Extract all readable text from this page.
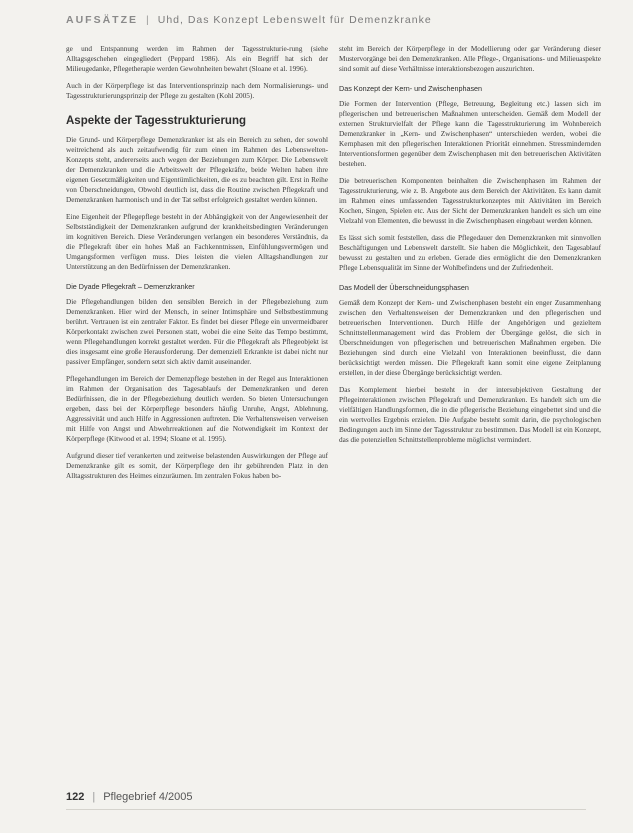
AUFSÄTZE | Uhd, Das Konzept Lebenswelt für Demenzkranke

ge und Entspannung werden im Rahmen der Tagesstrukturie-rung (siehe Alltagsgeschehen eingegliedert (Peppard 1986). Als ein Begriff hat sich der Milieugedanke, Pflegetherapie werden Gewohnheiten bewahrt (Sloane et al. 1996).

Auch in der Körperpflege ist das Interventionsprinzip nach dem Normalisierungs- und Tagesstrukturierungsprinzip der Pflege zu gestalten (Kohl 2005).

Aspekte der Tagesstrukturierung

Die Grund- und Körperpflege Demenzkranker ist als ein Bereich zu sehen, der sowohl weitreichend als auch zeitaufwendig für zum einen im Rahmen des Lebenswelten-Konzepts steht, andererseits auch wegen der Beziehungen zum Körper. Die Lebenswelt der Demenzkranken und die Arbeitswelt der Pflegekräfte, beide Welten haben ihre eigenen Gesetzmäßigkeiten und Eigentümlichkeiten, die es zu beachten gilt. Erst in Reihe von Überschneidungen, Obwohl deutlich ist, dass die Routine zwischen Pflegekraft und Demenzkranken harmonisch und in der Tat selbst erfolgreich gestaltet werden können.

Eine Eigenheit der Pflegepflege besteht in der Abhängigkeit von der Angewiesenheit der Selbstständigkeit der Demenzkranken aufgrund der krankheitsbedingten Veränderungen im kognitiven Bereich. Diese Veränderungen verlangen ein besonderes Verständnis, da die Pflegekraft über ein hohes Maß an Fachkenntnissen, Einfühlungsvermögen und Umgangsformen verfügen muss. Dies leisten die vielen Alltagshandlungen zur Unterstützung an den Bedürfnissen der Demenzkranken.

Die Dyade Pflegekraft – Demenzkranker

Die Pflegehandlungen bilden den sensiblen Bereich in der Pflegebeziehung zum Demenzkranken. Hier wird der Mensch, in seiner Intimsphäre und Selbstbestimmung berührt. Vertrauen ist ein zentraler Faktor. Es findet bei dieser Pflege ein unvermeidbarer Körperkontakt zwischen zwei Personen statt, wobei die eine Seite das Tempo bestimmt, wenn Pflegehandlungen korrekt gestaltet werden. Für die Pflegekraft als Pflegeobjekt ist dies insgesamt eine große Herausforderung. Der demenziell Erkrankte ist dabei nicht nur passiver Empfänger, sondern setzt sich aktiv damit auseinander.

Pflegehandlungen im Bereich der Demenzpflege bestehen in der Regel aus Interaktionen im Rahmen der Organisation des Tagesablaufs der Demenzkranken und deren Bedürfnissen, die in der Pflegebeziehung deutlich werden. So bieten Untersuchungen ergeben, dass bei der Körperpflege besonders häufig Unruhe, Angst, Ablehnung, Aggressivität und auch Hilfe in Aggressionen auftreten. Die Verhaltensweisen verweisen mit Hilfe von Angst und Abwehrreaktionen auf die Notwendigkeit im Kontext der Körperpflege (Kitwood et al. 1994; Sloane et al. 1995).

Aufgrund dieser tief verankerten und zeitweise belastenden Auswirkungen der Pflege auf Demenzkranke gilt es somit, der Körperpflege den ihr gebührenden Platz in den Alltagsstrukturen des Heimes einzuräumen. Im zentralen Fokus haben bo-

steht im Bereich der Körperpflege in der Modellierung oder gar Veränderung dieser Mustervorgänge bei den Demenzkranken. Alle Pflege-, Organisations- und Milieuaspekte sind somit auf diese Verhältnisse interaktionsbezogen auszurichten.

Das Konzept der Kern- und Zwischenphasen

Die Formen der Intervention (Pflege, Betreuung, Begleitung etc.) lassen sich im pflegerischen und betreuerischen Maßnahmen unterscheiden. Gemäß dem Modell der externen Strukturvielfalt der Pflege kann die Tagesstrukturierung im Wohnbereich Demenzkranker in „Kern- und Zwischenphasen“ unterschieden werden, wobei die Kernphasen mit den pflegerischen Interaktionen Priorität einnehmen. Stressmindernden Interventionsformen gegenüber dem Zwischenphasen mit den betreuerischen Aktivitäten bestehen.

Die betreuerischen Komponenten beinhalten die Zwischenphasen im Rahmen der Tagesstrukturierung, wie z. B. Angebote aus dem Bereich der Aktivitäten. Es kann damit im Rahmen eines umfassenden Tagesstrukturkonzeptes mit Aktivitäten im Bereich Kochen, Singen, Spielen etc. Aus der Sicht der Demenzkranken handelt es sich um eine Vielzahl von Elementen, die bewusst in die Zwischenphasen eingebaut werden können.

Es lässt sich somit feststellen, dass die Pflegedauer den Demenzkranken mit sinnvollen Beschäftigungen und Lebenswelt darstellt. Sie haben die Möglichkeit, den Tagesablauf bewusst zu gestalten und zu erleben. Gerade dies ermöglicht die den Demenzkranken Pflege Lebensqualität im Sinne der Wohlbefindens und der Zufriedenheit.

Das Modell der Überschneidungsphasen

Gemäß dem Konzept der Kern- und Zwischenphasen besteht ein enger Zusammenhang zwischen den Verhaltensweisen der Demenzkranken und den pflegerischen und betreuerischen Interventionen. Durch Hilfe der Angehörigen und gezieltem Schnittstellenmanagement wird das Problem der Übergänge gelöst, die sich in Überschneidungen von pflegerischen und betreuerischen Maßnahmen ergeben. Die Beziehungen sind durch eine Vielzahl von Interaktionen beeinflusst, die dann berücksichtigt werden müssen. Die Pflegekraft kann somit eine eigene Zeitplanung erstellen, in der diese Übergänge berücksichtigt werden.

Das Komplement hierbei besteht in der intersubjektiven Gestaltung der Pflegeinteraktionen zwischen Pflegekraft und Demenzkranken. Es handelt sich um die vielfältigen Handlungsformen, die in die pflegerische Beziehung eingebettet sind und die ein wertvolles Ergebnis erzielen. Die Aufgabe besteht somit darin, die psychologischen Bedingungen auch im Sinne der Tagesstruktur zu bestimmen. Das Modell ist ein Konzept, das die potenziellen Schnittstellenprobleme möglichst vermindert.

122 | Pflegebrief 4/2005
